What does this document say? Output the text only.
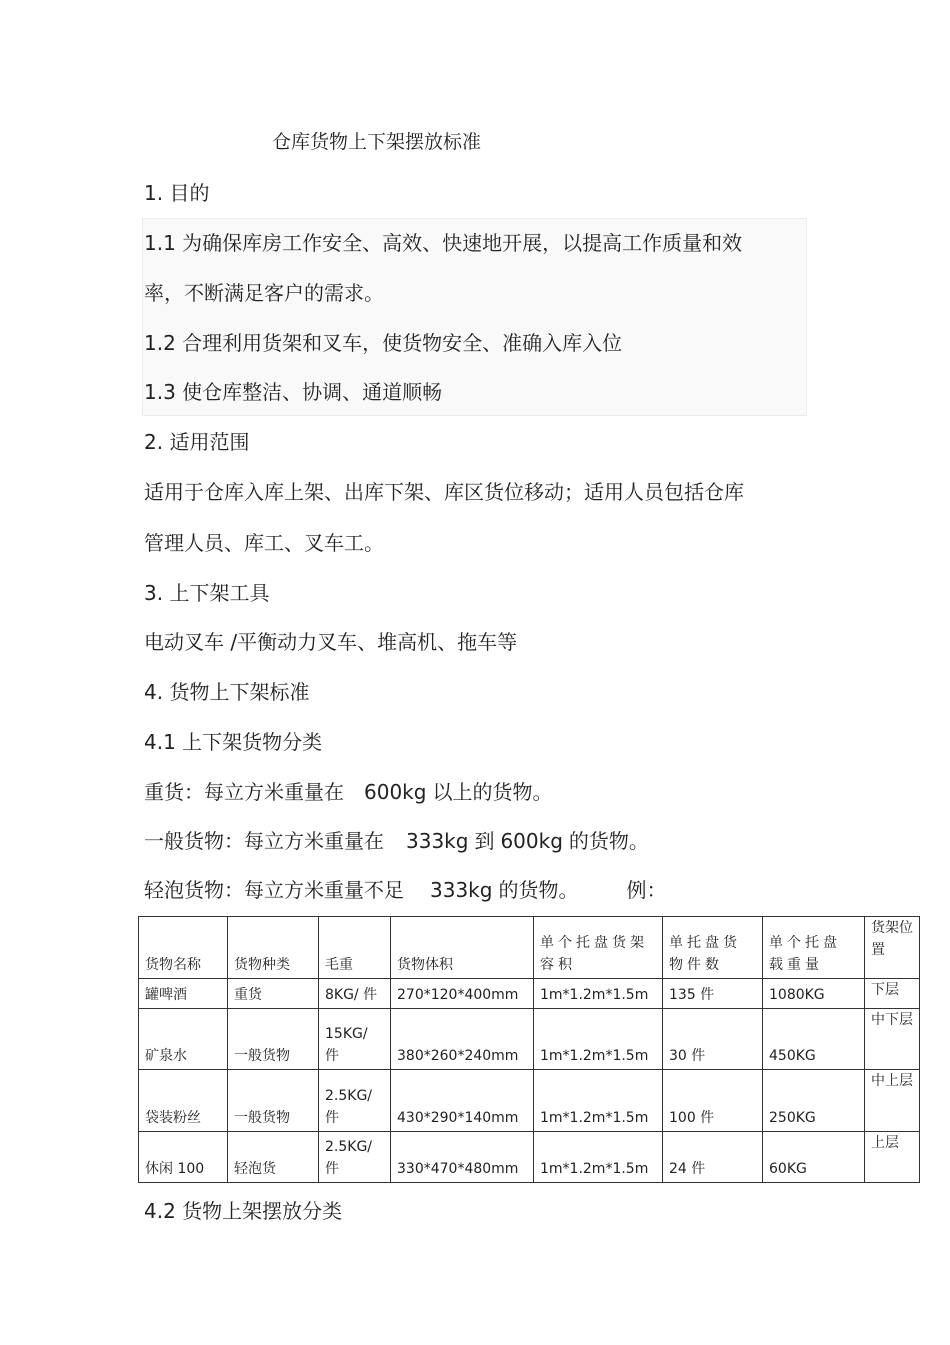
仓库货物上下架摆放标准
1. 目的
1.1 为确保库房工作安全、高效、快速地开展，以提高工作质量和效
率，不断满足客户的需求。
1.2 合理利用货架和叉车，使货物安全、准确入库入位
1.3 使仓库整洁、协调、通道顺畅
2. 适用范围
适用于仓库入库上架、出库下架、库区货位移动；适用人员包括仓库
管理人员、库工、叉车工。
3. 上下架工具
电动叉车 /平衡动力叉车、堆高机、拖车等
4. 货物上下架标准
4.1 上下架货物分类
重货：每立方米重量在 600kg 以上的货物。
一般货物：每立方米重量在 333kg 到 600kg 的货物。
轻泡货物：每立方米重量不足 333kg 的货物。 例：
货物名称	货物种类	毛重	货物体积	单个托盘货架容积	单托盘货物件数	单个托盘载重量	货架位置
罐啤酒	重货	8KG/ 件	270*120*400mm	1m*1.2m*1.5m	135 件	1080KG	下层
矿泉水	一般货物	15KG/ 件	380*260*240mm	1m*1.2m*1.5m	30 件	450KG	中下层
袋装粉丝	一般货物	2.5KG/ 件	430*290*140mm	1m*1.2m*1.5m	100 件	250KG	中上层
休闲 100	轻泡货	2.5KG/ 件	330*470*480mm	1m*1.2m*1.5m	24 件	60KG	上层
4.2 货物上架摆放分类
